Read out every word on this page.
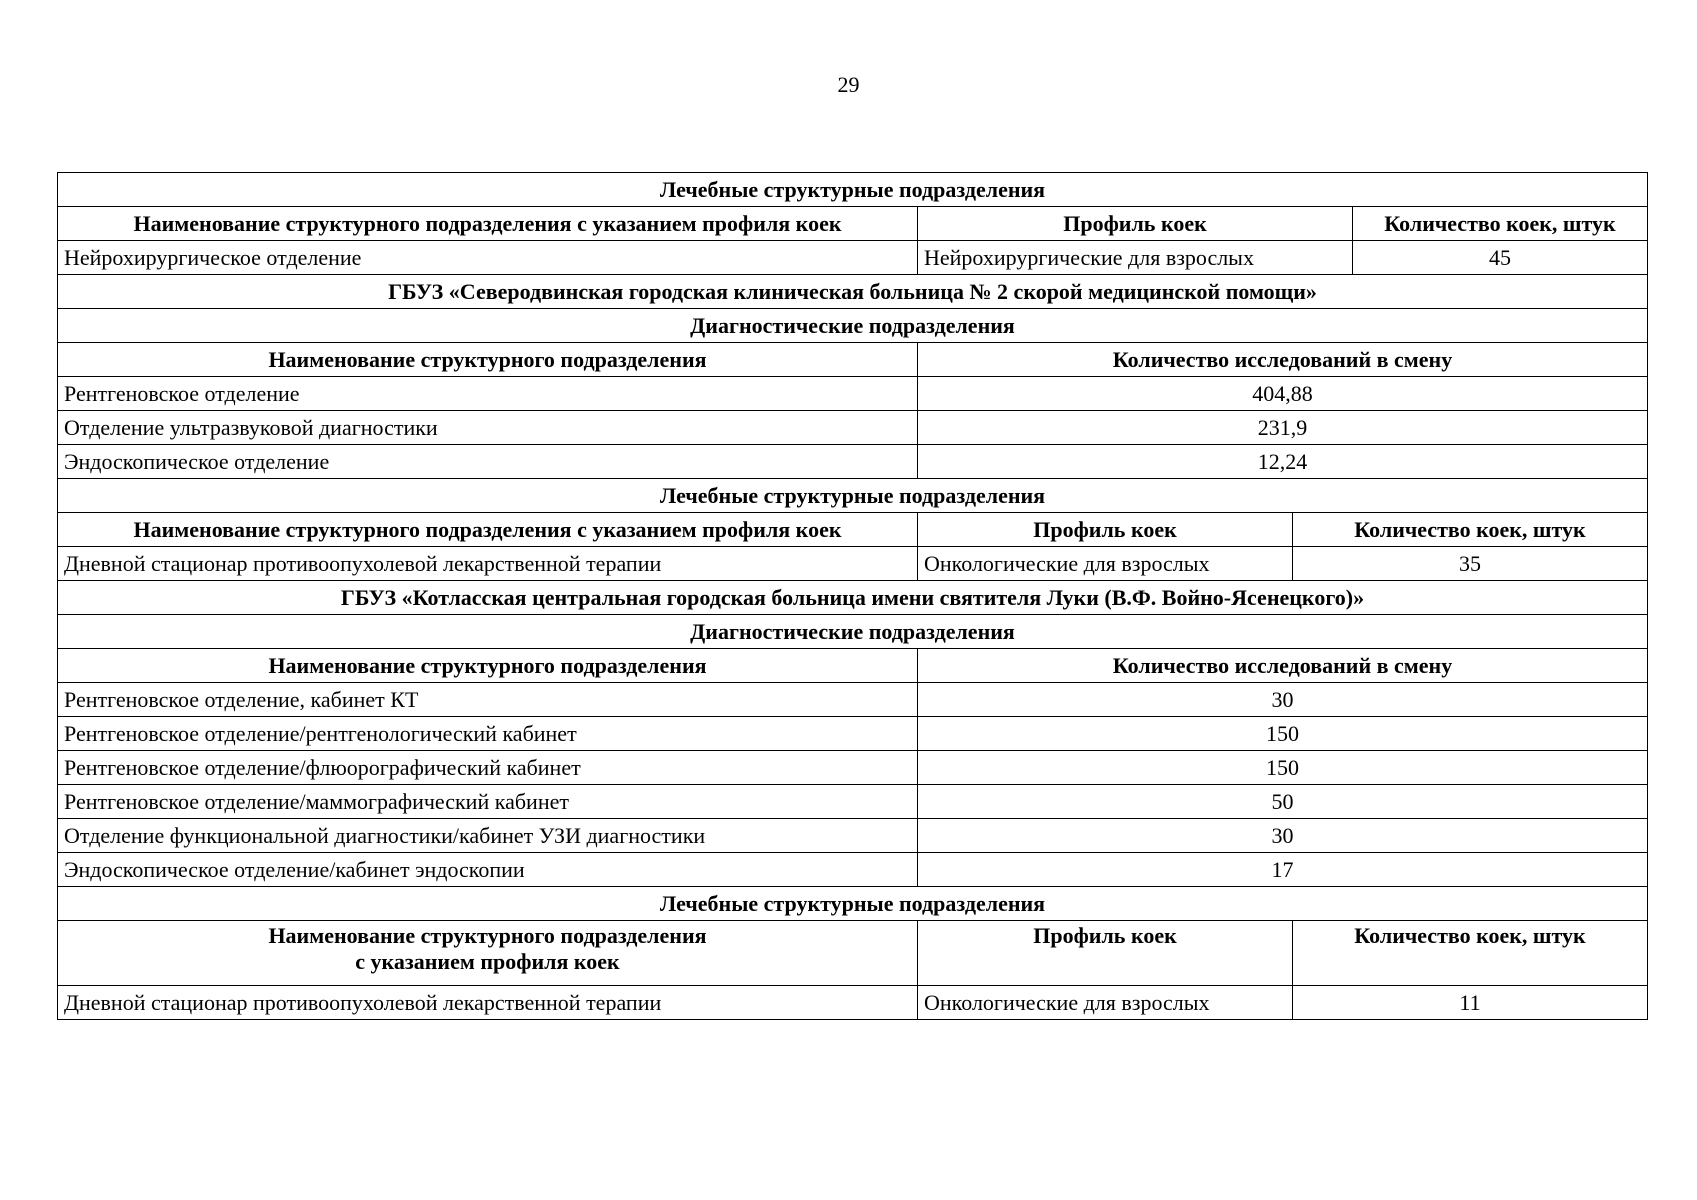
29
Лечебные структурные подразделения			
Наименование структурного подразделения с указанием профиля коек	Профиль коек		Количество коек, штук
Нейрохирургическое отделение	Нейрохирургические для взрослых		45
ГБУЗ «Северодвинская городская клиническая больница № 2 скорой медицинской помощи»			
Диагностические подразделения			
Наименование структурного подразделения	Количество исследований в смену		
Рентгеновское отделение	404,88		
Отделение ультразвуковой диагностики	231,9		
Эндоскопическое отделение	12,24		
Лечебные структурные подразделения			
Наименование структурного подразделения с указанием профиля коек	Профиль коек	Количество коек, штук	
Дневной стационар противоопухолевой лекарственной терапии	Онкологические для взрослых	35	
ГБУЗ «Котласская центральная городская больница имени святителя Луки (В.Ф. Войно-Ясенецкого)»			
Диагностические подразделения			
Наименование структурного подразделения	Количество исследований в смену		
Рентгеновское отделение, кабинет КТ	30		
Рентгеновское отделение/рентгенологический кабинет	150		
Рентгеновское отделение/флюорографический кабинет	150		
Рентгеновское отделение/маммографический кабинет	50		
Отделение функциональной диагностики/кабинет УЗИ диагностики	30		
Эндоскопическое отделение/кабинет эндоскопии	17		
Лечебные структурные подразделения			

Наименование структурного подразделения
с указанием профиля коек	Профиль коек	Количество коек, штук	
Дневной стационар противоопухолевой лекарственной терапии	Онкологические для взрослых	11	
